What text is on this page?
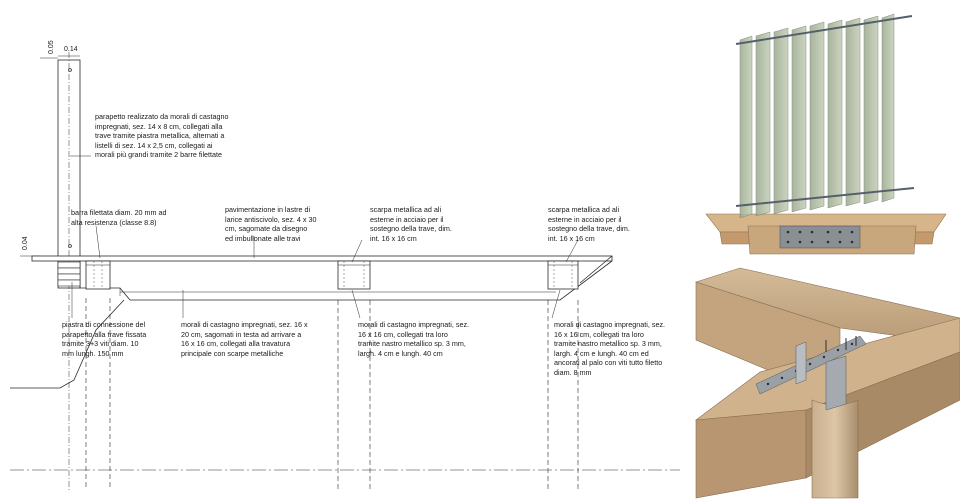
0.05 0.14
0.04
parapetto realizzato da morali di castagno
impregnati, sez. 14 x 8 cm, collegati alla
trave tramite piastra metallica, alternati a
listelli di sez. 14 x 2,5 cm, collegati ai
morali più grandi tramite 2 barre filettate
barra filettata diam. 20 mm ad
alta resistenza (classe 8.8)
pavimentazione in lastre di
larice antiscivolo, sez. 4 x 30
cm, sagomate da disegno
ed imbullonate alle travi
scarpa metallica ad ali
esterne in acciaio per il
sostegno della trave, dim.
int. 16 x 16 cm
scarpa metallica ad ali
esterne in acciaio per il
sostegno della trave, dim.
int. 16 x 16 cm
piastra di connessione del
parapetto alla trave fissata
tramite 3+3 viti diam. 10
mm lungh. 150 mm
morali di castagno impregnati, sez. 16 x
20 cm, sagomati in testa ad arrivare a
16 x 16 cm, collegati alla travatura
principale con scarpe metalliche
morali di castagno impregnati, sez.
16 x 16 cm, collegati tra loro
tramite nastro metallico sp. 3 mm,
largh. 4 cm e lungh. 40 cm
morali di castagno impregnati, sez.
16 x 16 cm, collegati tra loro
tramite nastro metallico sp. 3 mm,
largh. 4 cm e lungh. 40 cm ed
ancorati al palo con viti tutto filetto
diam. 8 mm
